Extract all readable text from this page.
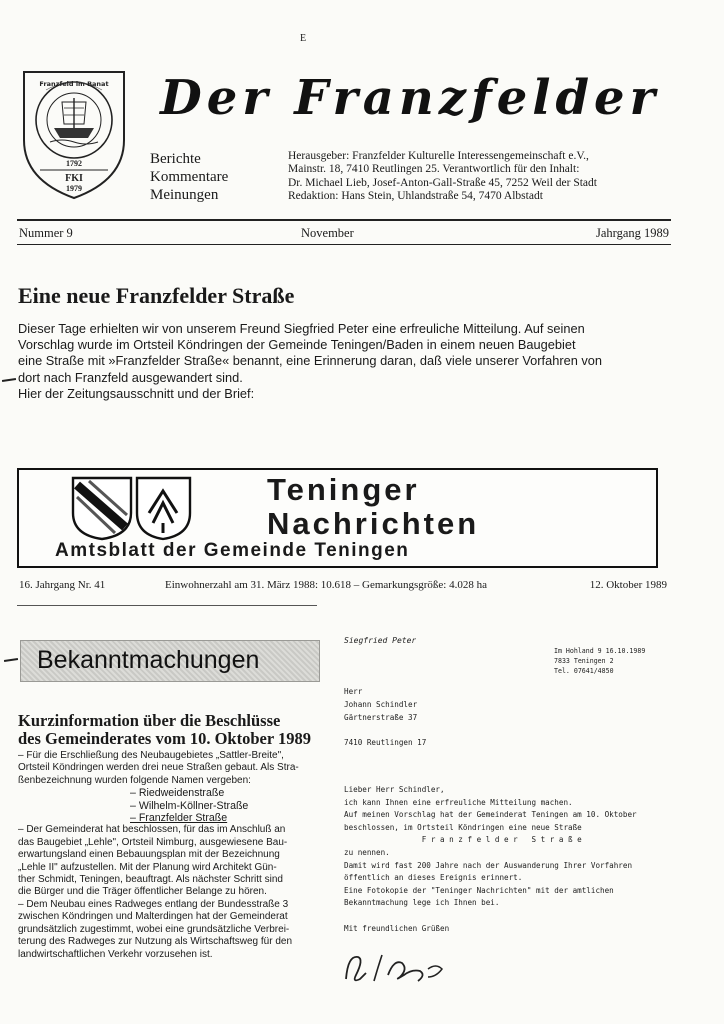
E
Franzfeld im Banat
1792
FKI
1979
Der Franzfelder
Berichte
Kommentare
Meinungen
Herausgeber: Franzfelder Kulturelle Interessengemeinschaft e.V.,
Mainstr. 18, 7410 Reutlingen 25. Verantwortlich für den Inhalt:
Dr. Michael Lieb, Josef-Anton-Gall-Straße 45, 7252 Weil der Stadt
Redaktion: Hans Stein, Uhlandstraße 54, 7470 Albstadt
Nummer 9	November	Jahrgang 1989
Eine neue Franzfelder Straße
Dieser Tage erhielten wir von unserem Freund Siegfried Peter eine erfreuliche Mitteilung. Auf seinen
Vorschlag wurde im Ortsteil Köndringen der Gemeinde Teningen/Baden in einem neuen Baugebiet
eine Straße mit »Franzfelder Straße« benannt, eine Erinnerung daran, daß viele unserer Vorfahren von
dort nach Franzfeld ausgewandert sind.
Hier der Zeitungsausschnitt und der Brief:
Teninger
Nachrichten
Amtsblatt der Gemeinde Teningen
16. Jahrgang Nr. 41	Einwohnerzahl am 31. März 1988: 10.618 – Gemarkungsgröße: 4.028 ha	12. Oktober 1989
Bekanntmachungen
Kurzinformation über die Beschlüsse
des Gemeinderates vom 10. Oktober 1989
– Für die Erschließung des Neubaugebietes „Sattler-Breite",
Ortsteil Köndringen werden drei neue Straßen gebaut. Als Stra-
ßenbezeichnung wurden folgende Namen vergeben:
– Riedweidenstraße
– Wilhelm-Köllner-Straße
– Franzfelder Straße
– Der Gemeinderat hat beschlossen, für das im Anschluß an
das Baugebiet „Lehle", Ortsteil Nimburg, ausgewiesene Bau-
erwartungsland einen Bebauungsplan mit der Bezeichnung
„Lehle II" aufzustellen. Mit der Planung wird Architekt Gün-
ther Schmidt, Teningen, beauftragt. Als nächster Schritt sind
die Bürger und die Träger öffentlicher Belange zu hören.
– Dem Neubau eines Radweges entlang der Bundesstraße 3
zwischen Köndringen und Malterdingen hat der Gemeinderat
grundsätzlich zugestimmt, wobei eine grundsätzliche Verbrei-
terung des Radweges zur Nutzung als Wirtschaftsweg für den
landwirtschaftlichen Verkehr vorzusehen ist.
Siegfried Peter
Im Hohland 9 16.10.1989
7833 Teningen 2
Tel. 07641/4850
Herr
Johann Schindler
Gärtnerstraße 37

7410 Reutlingen 17
Lieber Herr Schindler,
ich kann Ihnen eine erfreuliche Mitteilung machen.
Auf meinen Vorschlag hat der Gemeinderat Teningen am 10. Oktober
beschlossen, im Ortsteil Köndringen eine neue Straße
F r a n z f e l d e r   S t r a ß e
zu nennen.
Damit wird fast 200 Jahre nach der Auswanderung Ihrer Vorfahren
öffentlich an dieses Ereignis erinnert.
Eine Fotokopie der "Teninger Nachrichten" mit der amtlichen
Bekanntmachung lege ich Ihnen bei.

Mit freundlichen Grüßen
